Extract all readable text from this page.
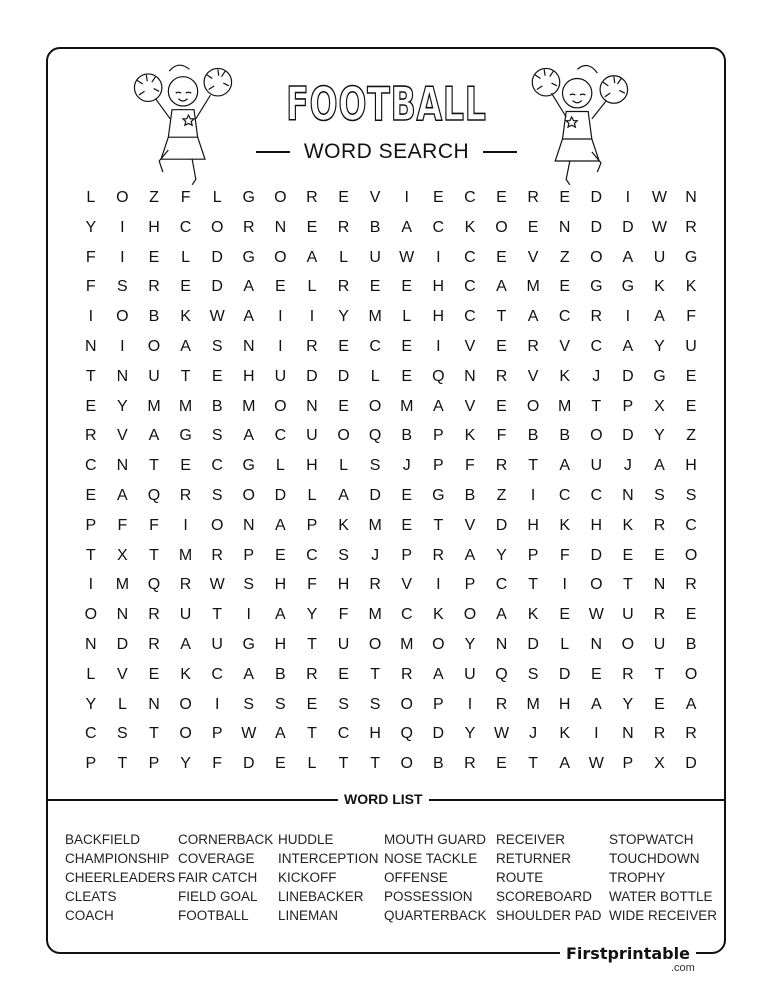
FOOTBALL
WORD SEARCH
L	O	Z	F	L	G	O	R	E	V	I	E	C	E	R	E	D	I	W	N
Y	I	H	C	O	R	N	E	R	B	A	C	K	O	E	N	D	D	W	R
F	I	E	L	D	G	O	A	L	U	W	I	C	E	V	Z	O	A	U	G
F	S	R	E	D	A	E	L	R	E	E	H	C	A	M	E	G	G	K	K
I	O	B	K	W	A	I	I	Y	M	L	H	C	T	A	C	R	I	A	F
N	I	O	A	S	N	I	R	E	C	E	I	V	E	R	V	C	A	Y	U
T	N	U	T	E	H	U	D	D	L	E	Q	N	R	V	K	J	D	G	E
E	Y	M	M	B	M	O	N	E	O	M	A	V	E	O	M	T	P	X	E
R	V	A	G	S	A	C	U	O	Q	B	P	K	F	B	B	O	D	Y	Z
C	N	T	E	C	G	L	H	L	S	J	P	F	R	T	A	U	J	A	H
E	A	Q	R	S	O	D	L	A	D	E	G	B	Z	I	C	C	N	S	S
P	F	F	I	O	N	A	P	K	M	E	T	V	D	H	K	H	K	R	C
T	X	T	M	R	P	E	C	S	J	P	R	A	Y	P	F	D	E	E	O
I	M	Q	R	W	S	H	F	H	R	V	I	P	C	T	I	O	T	N	R
O	N	R	U	T	I	A	Y	F	M	C	K	O	A	K	E	W	U	R	E
N	D	R	A	U	G	H	T	U	O	M	O	Y	N	D	L	N	O	U	B
L	V	E	K	C	A	B	R	E	T	R	A	U	Q	S	D	E	R	T	O
Y	L	N	O	I	S	S	E	S	S	O	P	I	R	M	H	A	Y	E	A
C	S	T	O	P	W	A	T	C	H	Q	D	Y	W	J	K	I	N	R	R
P	T	P	Y	F	D	E	L	T	T	O	B	R	E	T	A	W	P	X	D
WORD LIST
BACKFIELD
CHAMPIONSHIP
CHEERLEADERS
CLEATS
COACH
CORNERBACK
COVERAGE
FAIR CATCH
FIELD GOAL
FOOTBALL
HUDDLE
INTERCEPTION
KICKOFF
LINEBACKER
LINEMAN
MOUTH GUARD
NOSE TACKLE
OFFENSE
POSSESSION
QUARTERBACK
RECEIVER
RETURNER
ROUTE
SCOREBOARD
SHOULDER PAD
STOPWATCH
TOUCHDOWN
TROPHY
WATER BOTTLE
WIDE RECEIVER
Firstprintable
.com
